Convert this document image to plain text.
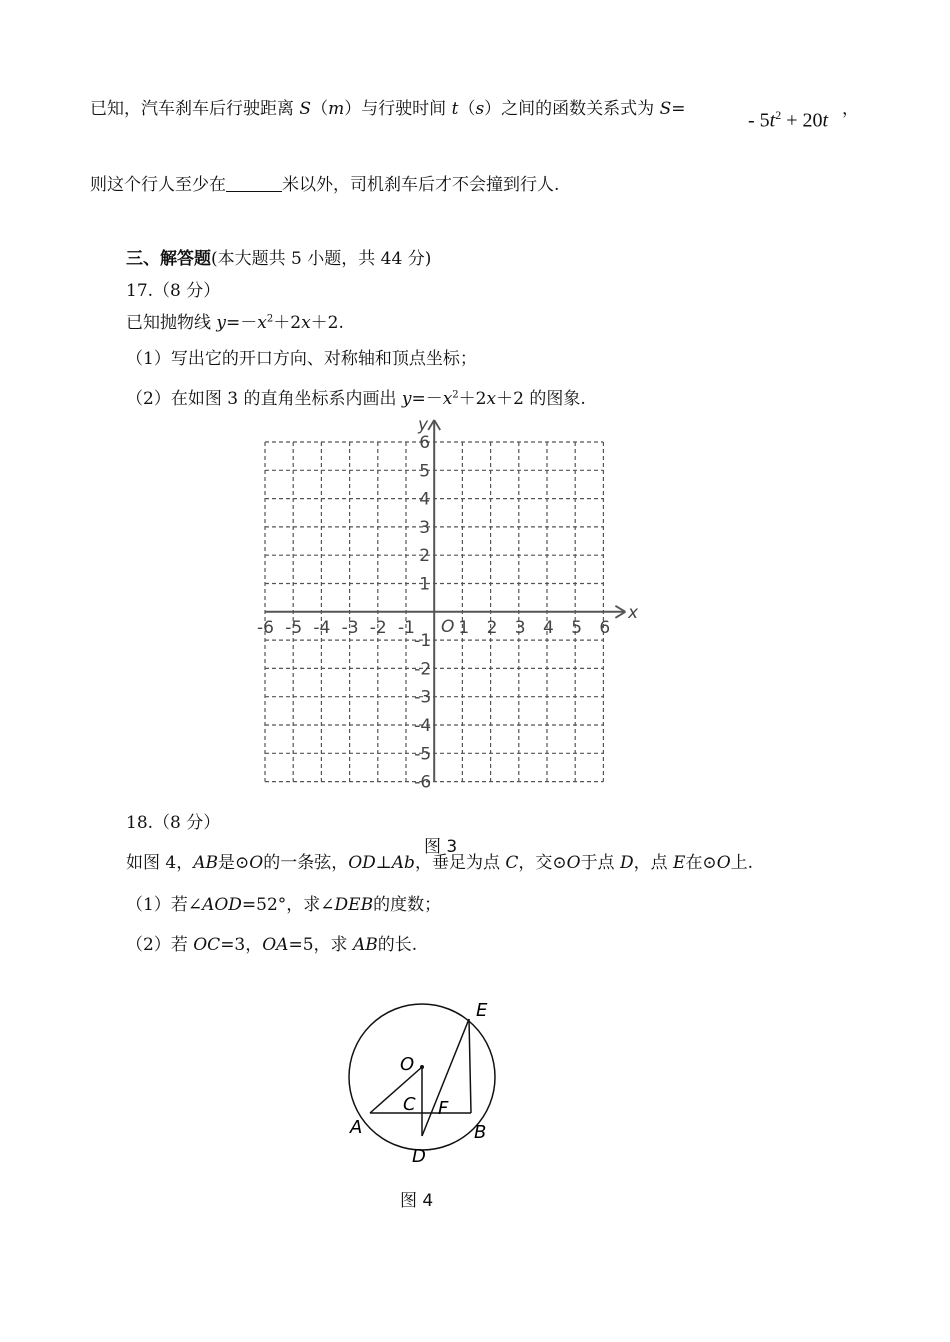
已知，汽车刹车后行驶距离 S（m）与行驶时间 t（s）之间的函数关系式为 S=
- $5t^2 + 20t$
，
则这个行人至少在	米以外，司机刹车后才不会撞到行人.
三、解答题(本大题共 5 小题，共 44 分)
17.（8 分）
已知抛物线 $y=-x^2+2x+2$.
（1）写出它的开口方向、对称轴和顶点坐标；
（2）在如图 3 的直角坐标系内画出 $y=-x^2+2x+2$ 的图象.
-6 -5 -4 -3 -2 -1	1 2 3 4 5 6
6
5
4
3
2
1
-1
-2
-3
-4
-5
-6
x
y
O
18.（8 分）
图 3
如图 4，AB是⊙O的一条弦，OD⊥Ab，垂足为点 C，交⊙O于点 D，点 E在⊙O上.
（1）若∠AOD=52°，求∠DEB的度数；
（2）若 OC=3，OA=5，求 AB的长.
O
A	B
C
D
E
F
图 4
